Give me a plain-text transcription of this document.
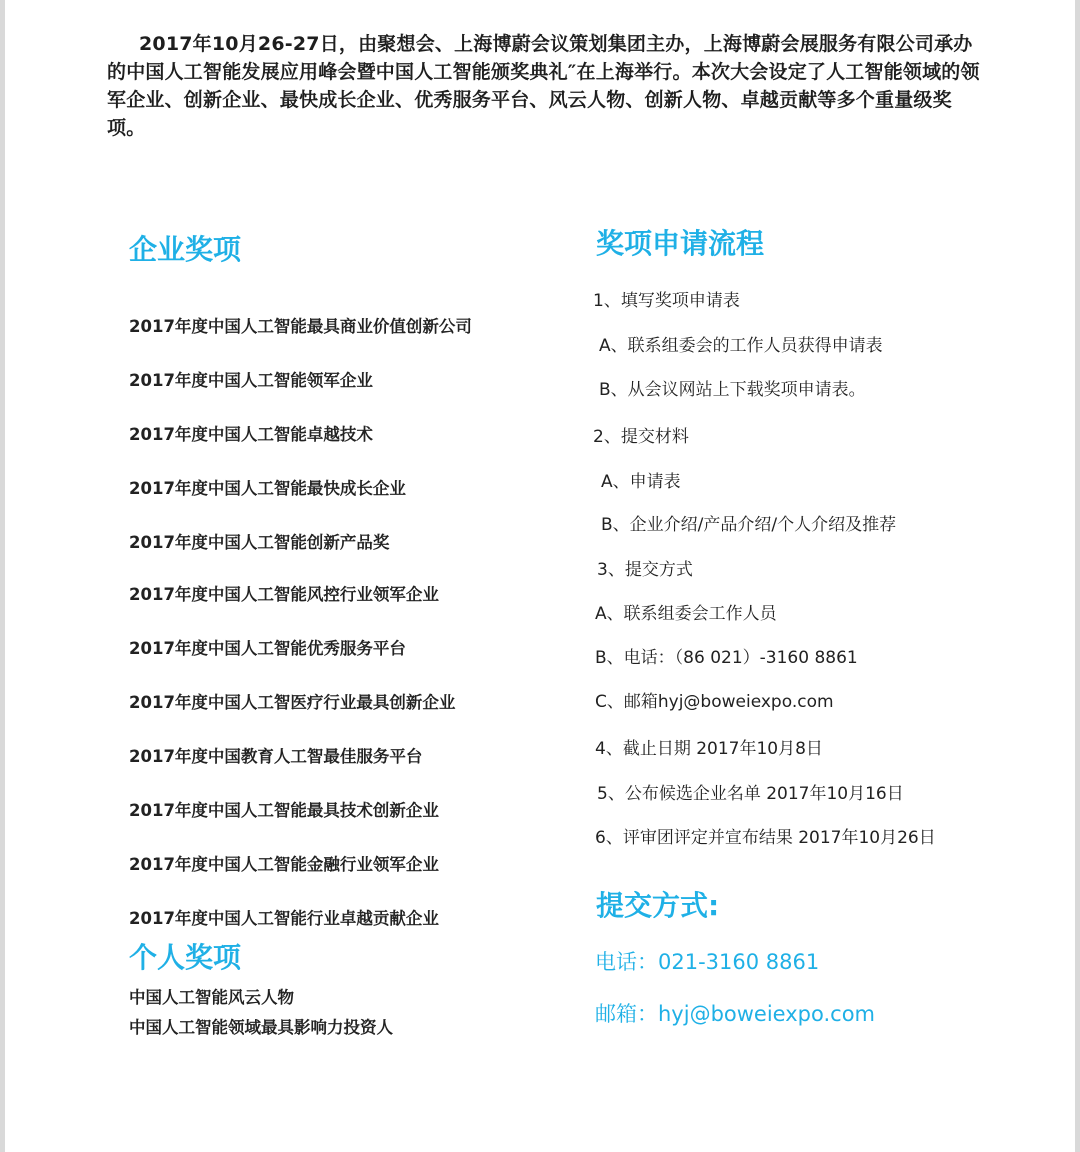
2017年10月26-27日，由聚想会、上海博蔚会议策划集团主办，上海博蔚会展服务有限公司承办的中国人工智能发展应用峰会暨中国人工智能颁奖典礼″在上海举行。本次大会设定了人工智能领域的领军企业、创新企业、最快成长企业、优秀服务平台、风云人物、创新人物、卓越贡献等多个重量级奖项。

企业奖项
2017年度中国人工智能最具商业价值创新公司
2017年度中国人工智能领军企业
2017年度中国人工智能卓越技术
2017年度中国人工智能最快成长企业
2017年度中国人工智能创新产品奖
2017年度中国人工智能风控行业领军企业
2017年度中国人工智能优秀服务平台
2017年度中国人工智医疗行业最具创新企业
2017年度中国教育人工智最佳服务平台
2017年度中国人工智能最具技术创新企业
2017年度中国人工智能金融行业领军企业
2017年度中国人工智能行业卓越贡献企业
个人奖项
中国人工智能风云人物
中国人工智能领域最具影响力投资人
奖项申请流程
1、填写奖项申请表
A、联系组委会的工作人员获得申请表
B、从会议网站上下载奖项申请表。
2、提交材料
A、申请表
B、企业介绍/产品介绍/个人介绍及推荐
3、提交方式
A、联系组委会工作人员
B、电话：（86 021）-3160 8861
C、邮箱hyj@boweiexpo.com
4、截止日期 2017年10月8日
5、公布候选企业名单 2017年10月16日
6、评审团评定并宣布结果 2017年10月26日
提交方式:
电话：021-3160 8861
邮箱：hyj@boweiexpo.com
